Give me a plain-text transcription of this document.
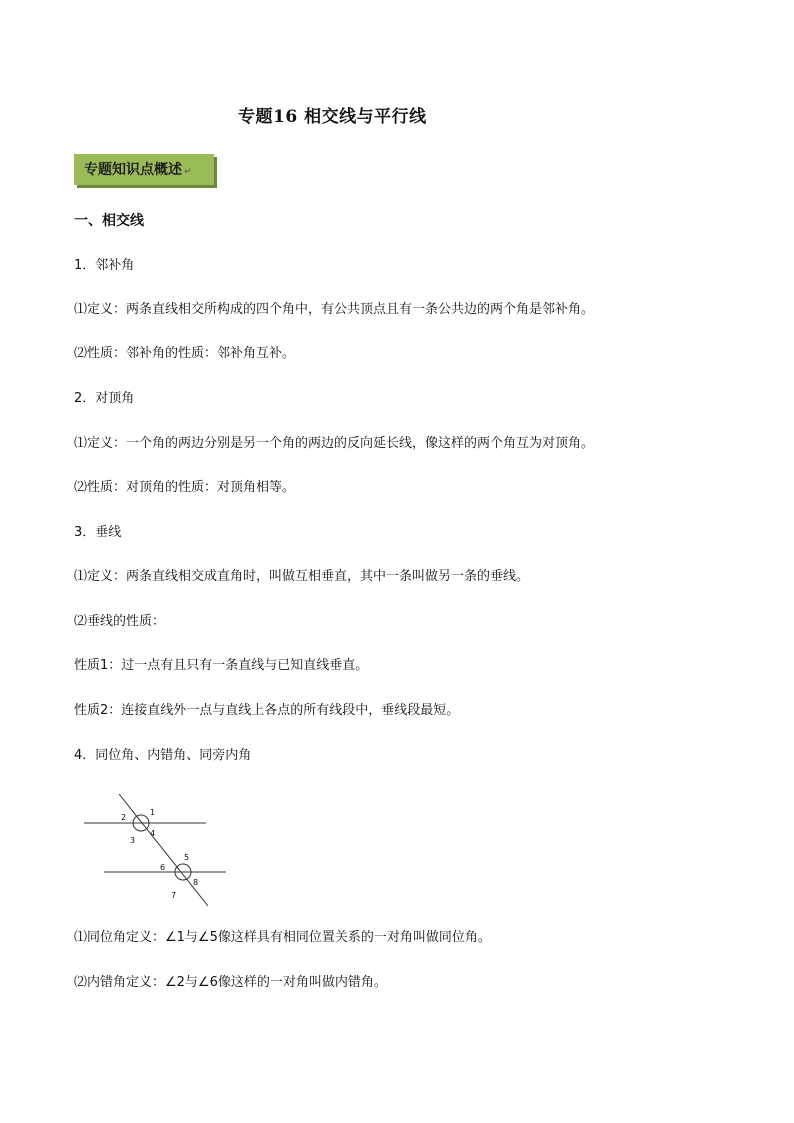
专题16 相交线与平行线
专题知识点概述 ↵
一、相交线
1．邻补角
⑴定义：两条直线相交所构成的四个角中，有公共顶点且有一条公共边的两个角是邻补角。
⑵性质：邻补角的性质：邻补角互补。
2．对顶角
⑴定义：一个角的两边分别是另一个角的两边的反向延长线，像这样的两个角互为对顶角。
⑵性质：对顶角的性质：对顶角相等。
3．垂线
⑴定义：两条直线相交成直角时，叫做互相垂直，其中一条叫做另一条的垂线。
⑵垂线的性质：
性质1：过一点有且只有一条直线与已知直线垂直。
性质2：连接直线外一点与直线上各点的所有线段中，垂线段最短。
4．同位角、内错角、同旁内角
1
2
3
4
5
6
7
8
⑴同位角定义：∠1与∠5像这样具有相同位置关系的一对角叫做同位角。
⑵内错角定义：∠2与∠6像这样的一对角叫做内错角。
